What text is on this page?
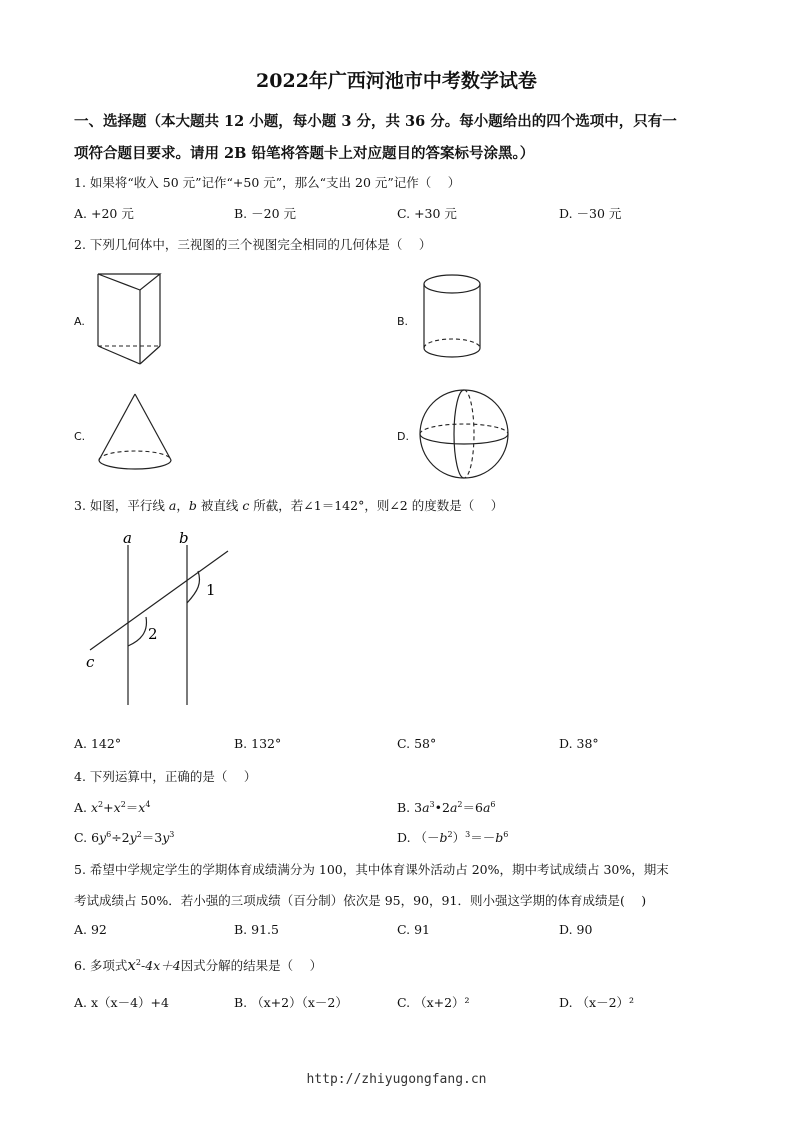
2022年广西河池市中考数学试卷
一、选择题（本大题共 12 小题，每小题 3 分，共 36 分。每小题给出的四个选项中，只有一
项符合题目要求。请用 2B 铅笔将答题卡上对应题目的答案标号涂黑。）
1. 如果将“收入 50 元”记作“+50 元”，那么“支出 20 元”记作（　 ）
A. +20 元	B. －20 元	C. +30 元	D. －30 元
2. 下列几何体中，三视图的三个视图完全相同的几何体是（　 ）
A.	B.
C.	D.
3. 如图，平行线 a，b 被直线 c 所截，若∠1＝142°，则∠2 的度数是（　 ）
a	b
c
1
2
A. 142°	B. 132°	C. 58°	D. 38°
4. 下列运算中，正确的是（　 ）
A. $x^2+x^2=x^4$	B. $3a^3•2a^2=6a^6$
C. $6y^6\div 2y^2=3y^3$	D. $(-b^2)^3=-b^6$
5. 希望中学规定学生的学期体育成绩满分为 100，其中体育课外活动占 20%，期中考试成绩占 30%，期末
考试成绩占 50%．若小强的三项成绩（百分制）依次是 95，90，91．则小强这学期的体育成绩是(　 )
A. 92	B. 91.5	C. 91	D. 90
6. 多项式$x^2-4x+4$因式分解的结果是（　 ）
A. x（x－4）+4	B. （x+2）（x－2）	C. （x+2）²	D. （x－2）²
http://zhiyugongfang.cn
